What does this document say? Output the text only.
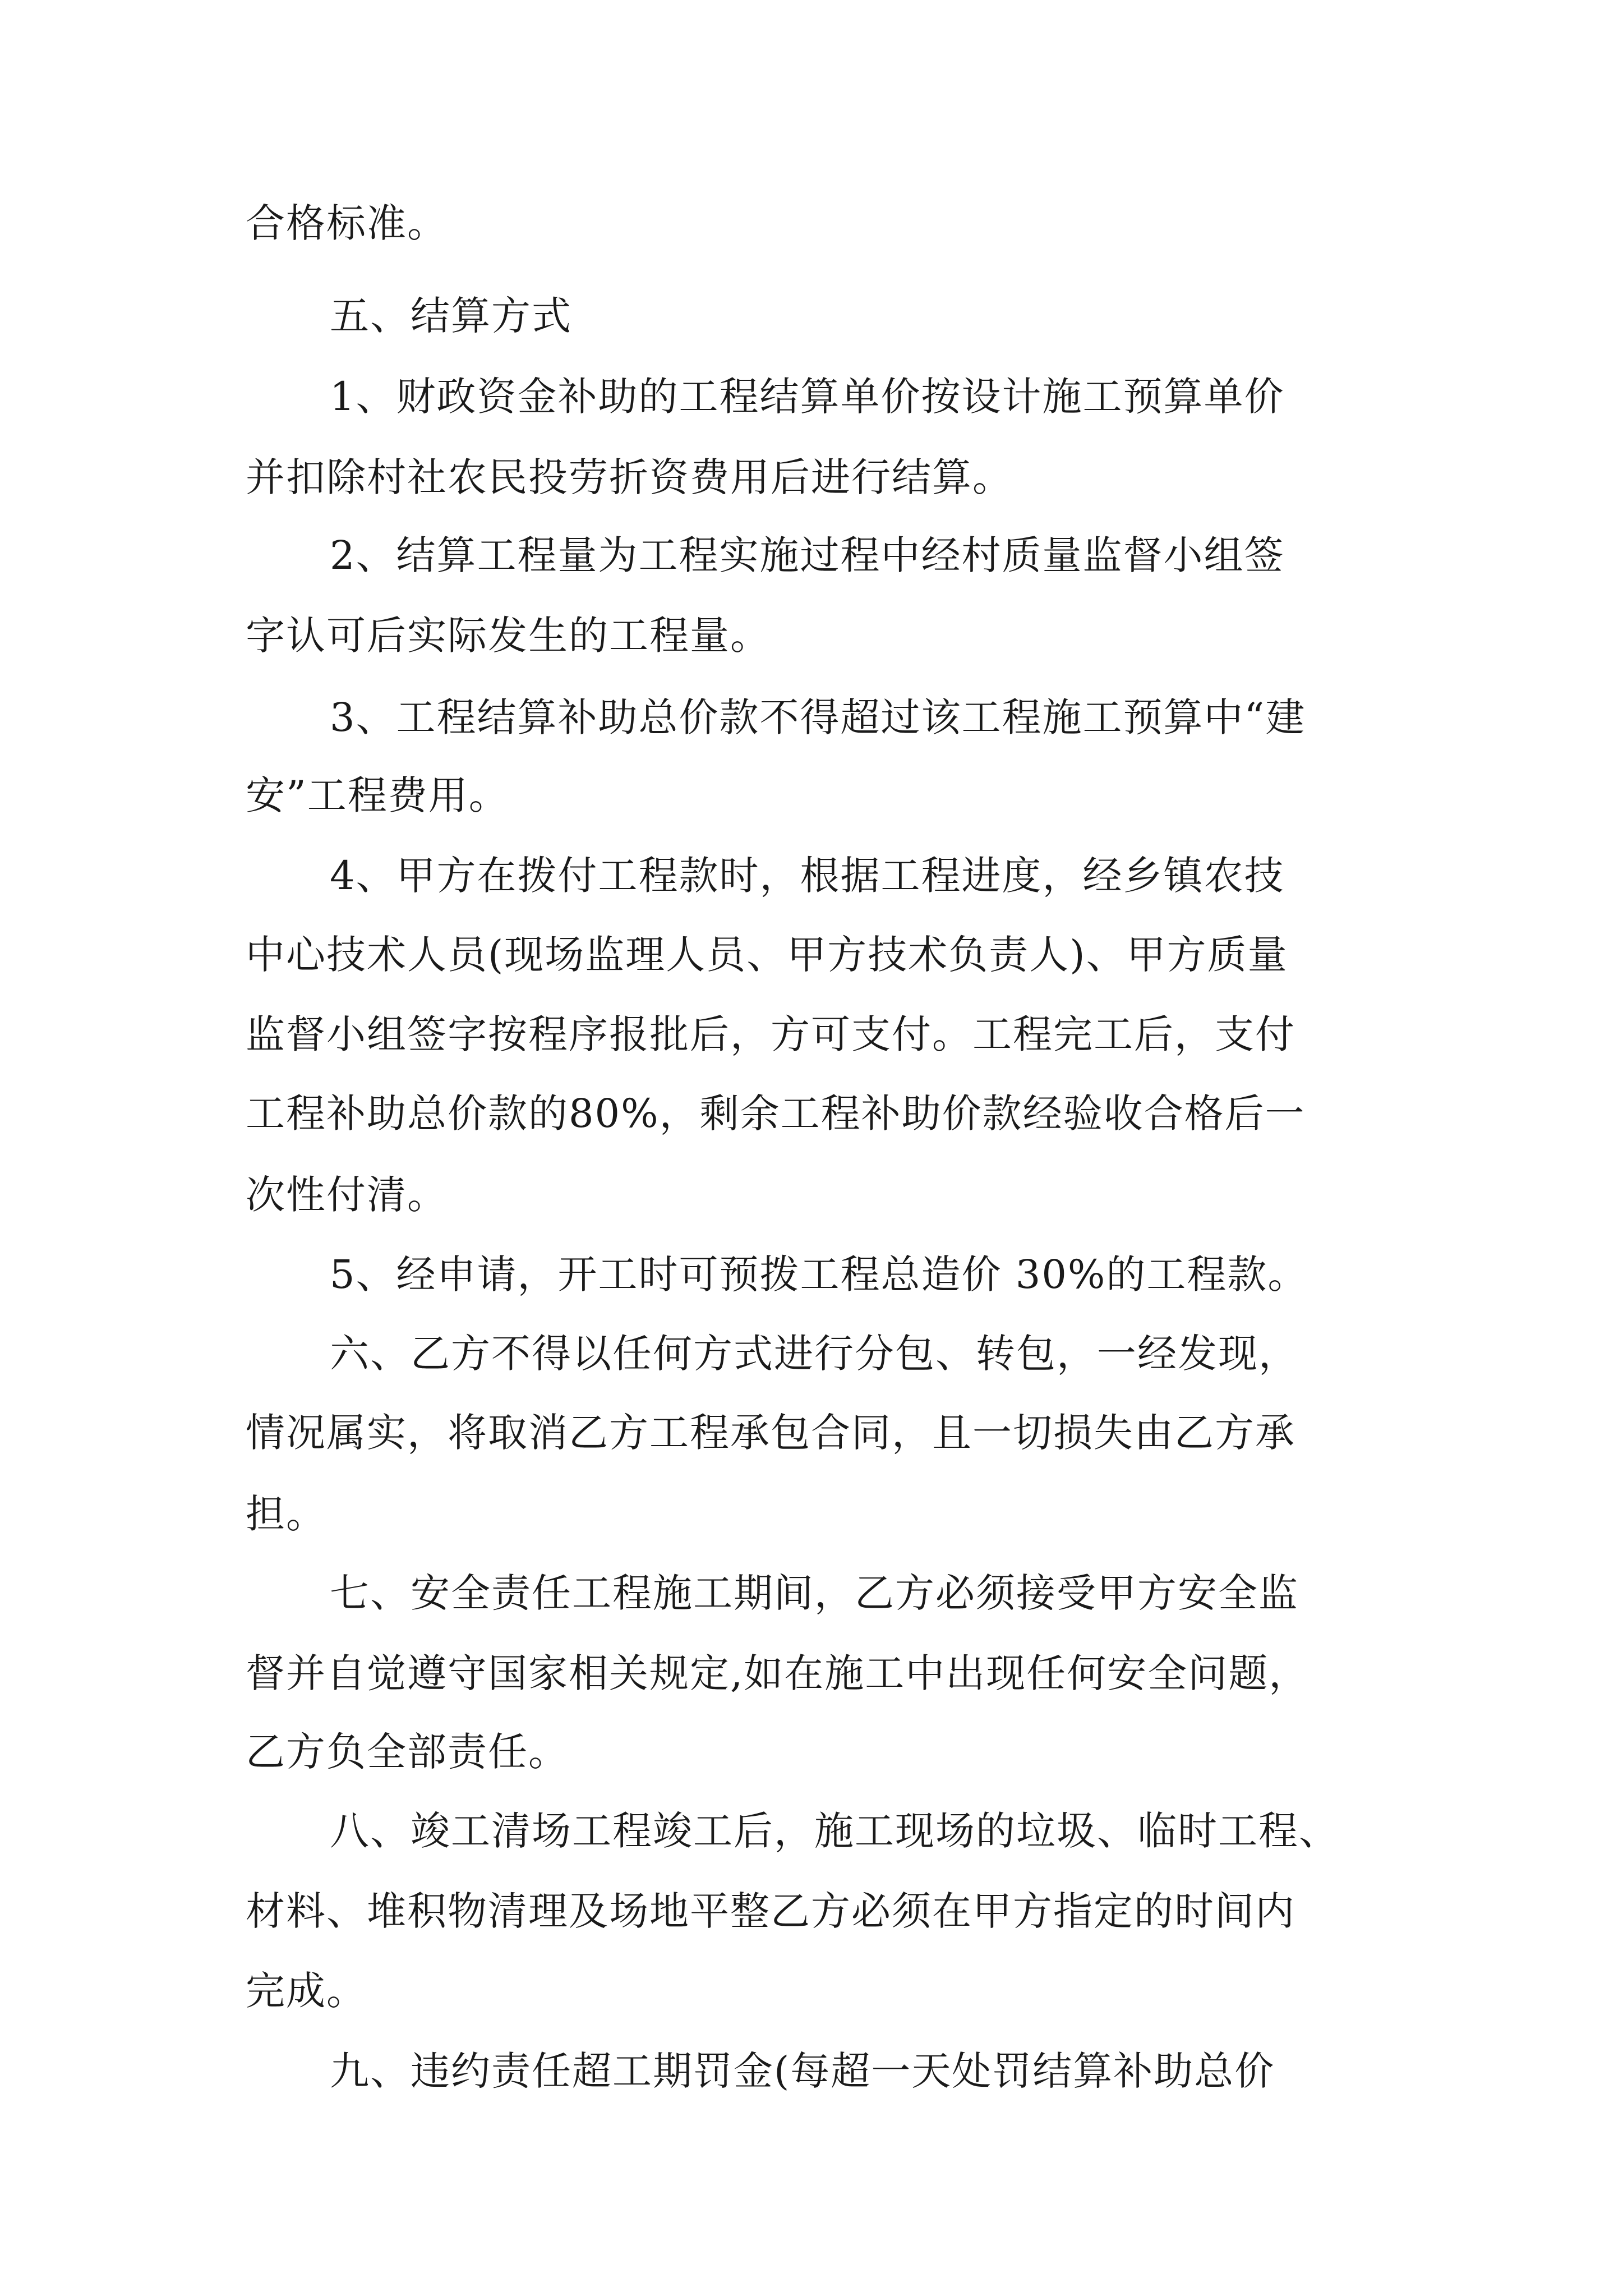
合格标准。
五、结算方式
1、财政资金补助的工程结算单价按设计施工预算单价
并扣除村社农民投劳折资费用后进行结算。
2、结算工程量为工程实施过程中经村质量监督小组签
字认可后实际发生的工程量。
3、工程结算补助总价款不得超过该工程施工预算中“建
安”工程费用。
4、甲方在拨付工程款时，根据工程进度，经乡镇农技
中心技术人员(现场监理人员、甲方技术负责人)、甲方质量
监督小组签字按程序报批后，方可支付。工程完工后，支付
工程补助总价款的80%，剩余工程补助价款经验收合格后一
次性付清。
5、经申请，开工时可预拨工程总造价 30%的工程款。
六、乙方不得以任何方式进行分包、转包，一经发现，
情况属实，将取消乙方工程承包合同，且一切损失由乙方承
担。
七、安全责任工程施工期间，乙方必须接受甲方安全监
督并自觉遵守国家相关规定,如在施工中出现任何安全问题，
乙方负全部责任。
八、竣工清场工程竣工后，施工现场的垃圾、临时工程、
材料、堆积物清理及场地平整乙方必须在甲方指定的时间内
完成。
九、违约责任超工期罚金(每超一天处罚结算补助总价
